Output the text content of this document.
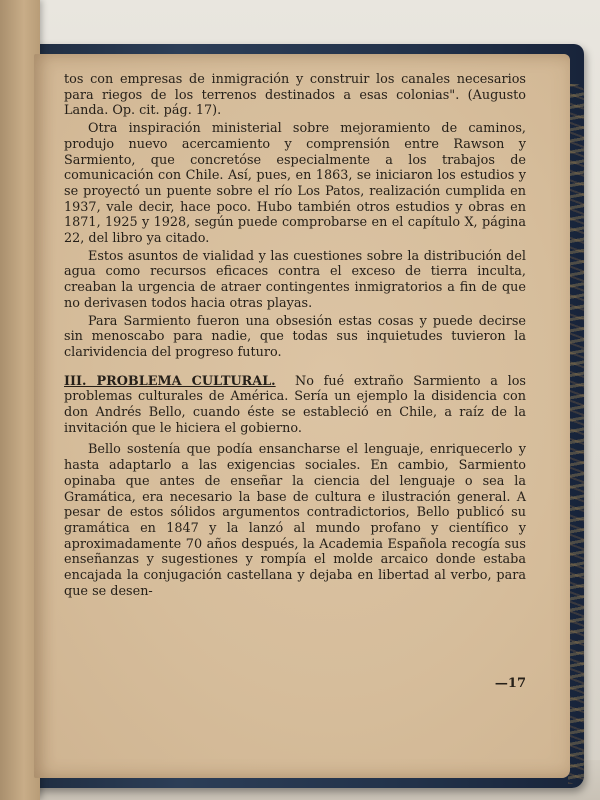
tos con empresas de inmigración y construir los canales necesarios para riegos de los terrenos destinados a esas colonias". (Augusto Landa. Op. cit. pág. 17).

Otra inspiración ministerial sobre mejoramiento de caminos, produjo nuevo acercamiento y comprensión entre Rawson y Sarmiento, que concretóse especialmente a los trabajos de comunicación con Chile. Así, pues, en 1863, se iniciaron los estudios y se proyectó un puente sobre el río Los Patos, realización cumplida en 1937, vale decir, hace poco. Hubo también otros estudios y obras en 1871, 1925 y 1928, según puede comprobarse en el capítulo X, página 22, del libro ya citado.

Estos asuntos de vialidad y las cuestiones sobre la distribución del agua como recursos eficaces contra el exceso de tierra inculta, creaban la urgencia de atraer contingentes inmigratorios a fin de que no derivasen todos hacia otras playas.

Para Sarmiento fueron una obsesión estas cosas y puede decirse sin menoscabo para nadie, que todas sus inquietudes tuvieron la clarividencia del progreso futuro.

III. PROBLEMA CULTURAL. No fué extraño Sarmiento a los problemas culturales de América. Sería un ejemplo la disidencia con don Andrés Bello, cuando éste se estableció en Chile, a raíz de la invitación que le hiciera el gobierno.

Bello sostenía que podía ensancharse el lenguaje, enriquecerlo y hasta adaptarlo a las exigencias sociales. En cambio, Sarmiento opinaba que antes de enseñar la ciencia del lenguaje o sea la Gramática, era necesario la base de cultura e ilustración general. A pesar de estos sólidos argumentos contradictorios, Bello publicó su gramática en 1847 y la lanzó al mundo profano y científico y aproximadamente 70 años después, la Academia Española recogía sus enseñanzas y sugestiones y rompía el molde arcaico donde estaba encajada la conjugación castellana y dejaba en libertad al verbo, para que se desen-

—17
